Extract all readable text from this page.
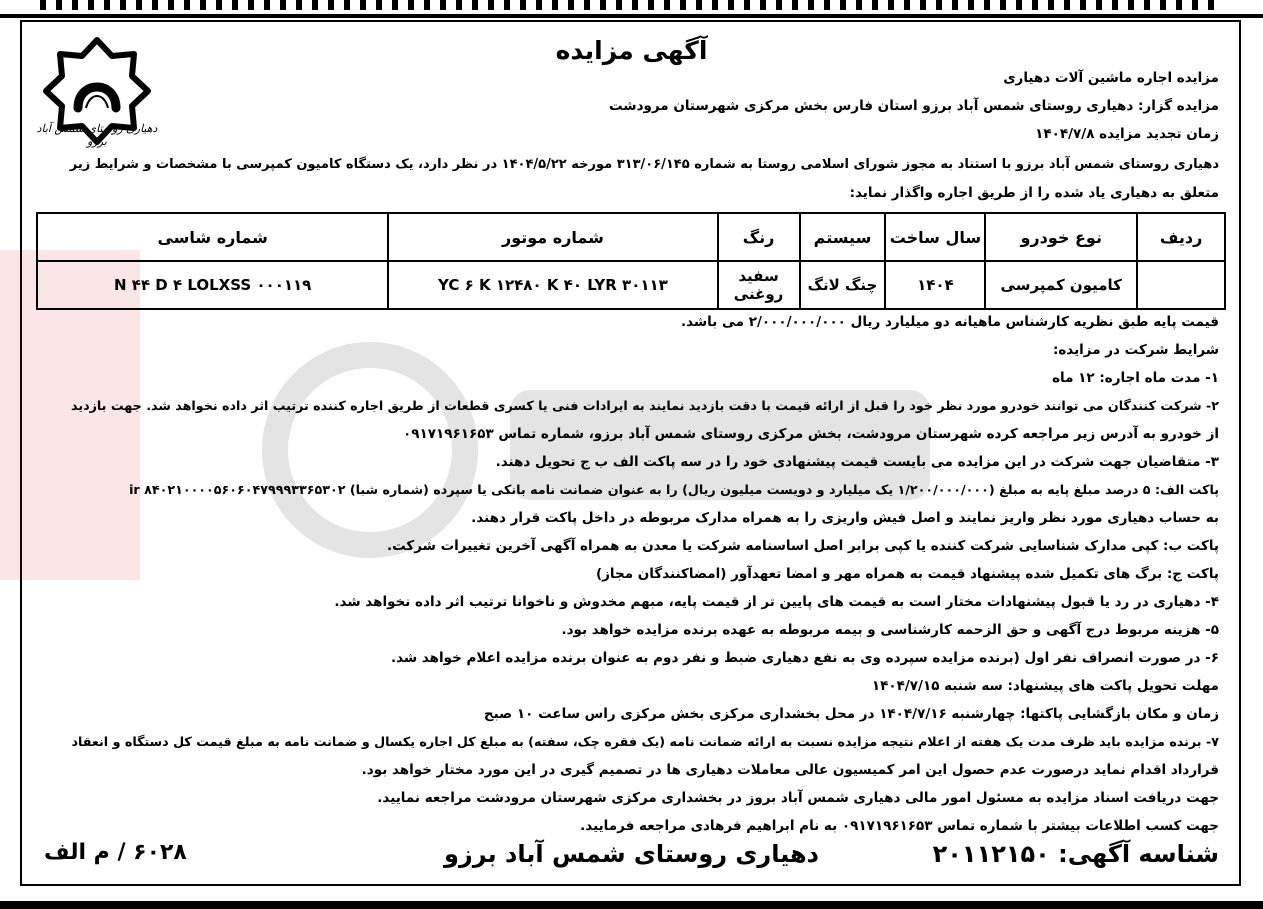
دهیاری روستای شمس آباد برزو
آگهی مزایده
مزایده اجاره ماشین آلات دهیاری
مزایده گزار: دهیاری روستای شمس آباد برزو استان فارس بخش مرکزی شهرستان مرودشت
زمان تجدید مزایده ۱۴۰۴/۷/۸
دهیاری روستای شمس آباد برزو با استناد به مجوز شورای اسلامی روستا به شماره ۳۱۳/۰۶/۱۴۵ مورخه ۱۴۰۴/۵/۲۲ در نظر دارد، یک دستگاه کامیون کمپرسی با مشخصات و شرایط زیر
متعلق به دهیاری یاد شده را از طریق اجاره واگذار نماید:
ردیف	نوع خودرو	سال ساخت	سیستم	رنگ	شماره موتور	شماره شاسی
	کامیون کمپرسی	۱۴۰۴	چنگ لانگ	سفید روغنی	YC ۶ K ۱۲۴۸۰ K ۴۰ LYR ۳۰۱۱۳	N ۴۴ D ۴ LOLXSS ۰۰۰۱۱۹
قیمت پایه طبق نظریه کارشناس ماهیانه دو میلیارد ریال ۲/۰۰۰/۰۰۰/۰۰۰ می باشد.
شرایط شرکت در مزایده:
۱- مدت ماه اجاره: ۱۲ ماه
۲- شرکت کنندگان می توانند خودرو مورد نظر خود را قبل از ارائه قیمت با دقت بازدید نمایند به ایرادات فنی یا کسری قطعات از طریق اجاره کننده ترتیب اثر داده نخواهد شد. جهت بازدید
از خودرو به آدرس زیر مراجعه کرده شهرستان مرودشت، بخش مرکزی روستای شمس آباد برزو، شماره تماس ۰۹۱۷۱۹۶۱۶۵۳
۳- متقاضیان جهت شرکت در این مزایده می بایست قیمت پیشنهادی خود را در سه پاکت الف ب ج تحویل دهند.
پاکت الف: ۵ درصد مبلغ پایه به مبلغ (۱/۲۰۰/۰۰۰/۰۰۰ یک میلیارد و دویست میلیون ریال) را به عنوان ضمانت نامه بانکی یا سپرده (شماره شبا) ir ۸۴۰۲۱۰۰۰۰۵۶۰۶۰۴۷۹۹۹۳۳۶۵۳۰۲
به حساب دهیاری مورد نظر واریز نمایند و اصل فیش واریزی را به همراه مدارک مربوطه در داخل پاکت قرار دهند.
پاکت ب: کپی مدارک شناسایی شرکت کننده یا کپی برابر اصل اساسنامه شرکت یا معدن به همراه آگهی آخرین تغییرات شرکت.
پاکت ج: برگ های تکمیل شده پیشنهاد قیمت به همراه مهر و امضا تعهدآور (امضاکنندگان مجاز)
۴- دهیاری در رد یا قبول پیشنهادات مختار است به قیمت های پایین تر از قیمت پایه، مبهم مخدوش و ناخوانا ترتیب اثر داده نخواهد شد.
۵- هزینه مربوط درج آگهی و حق الزحمه کارشناسی و بیمه مربوطه به عهده برنده مزایده خواهد بود.
۶- در صورت انصراف نفر اول (برنده مزایده سپرده وی به نفع دهیاری ضبط و نفر دوم به عنوان برنده مزایده اعلام خواهد شد.
مهلت تحویل پاکت های پیشنهاد: سه شنبه ۱۴۰۴/۷/۱۵
زمان و مکان بازگشایی پاکتها: چهارشنبه ۱۴۰۴/۷/۱۶ در محل بخشداری مرکزی بخش مرکزی راس ساعت ۱۰ صبح
۷- برنده مزایده باید ظرف مدت یک هفته از اعلام نتیجه مزایده نسبت به ارائه ضمانت نامه (یک فقره چک، سفته) به مبلغ کل اجاره یکسال و ضمانت نامه به مبلغ قیمت کل دستگاه و انعقاد
قرارداد اقدام نماید درصورت عدم حصول این امر کمیسیون عالی معاملات دهیاری ها در تصمیم گیری در این مورد مختار خواهد بود.
جهت دریافت اسناد مزایده به مسئول امور مالی دهیاری شمس آباد بروز در بخشداری مرکزی شهرستان مرودشت مراجعه نمایید.
جهت کسب اطلاعات بیشتر با شماره تماس ۰۹۱۷۱۹۶۱۶۵۳ به نام ابراهیم فرهادی مراجعه فرمایید.
شناسه آگهی: ۲۰۱۱۲۱۵۰
دهیاری روستای شمس آباد برزو
۶۰۲۸ / م الف
